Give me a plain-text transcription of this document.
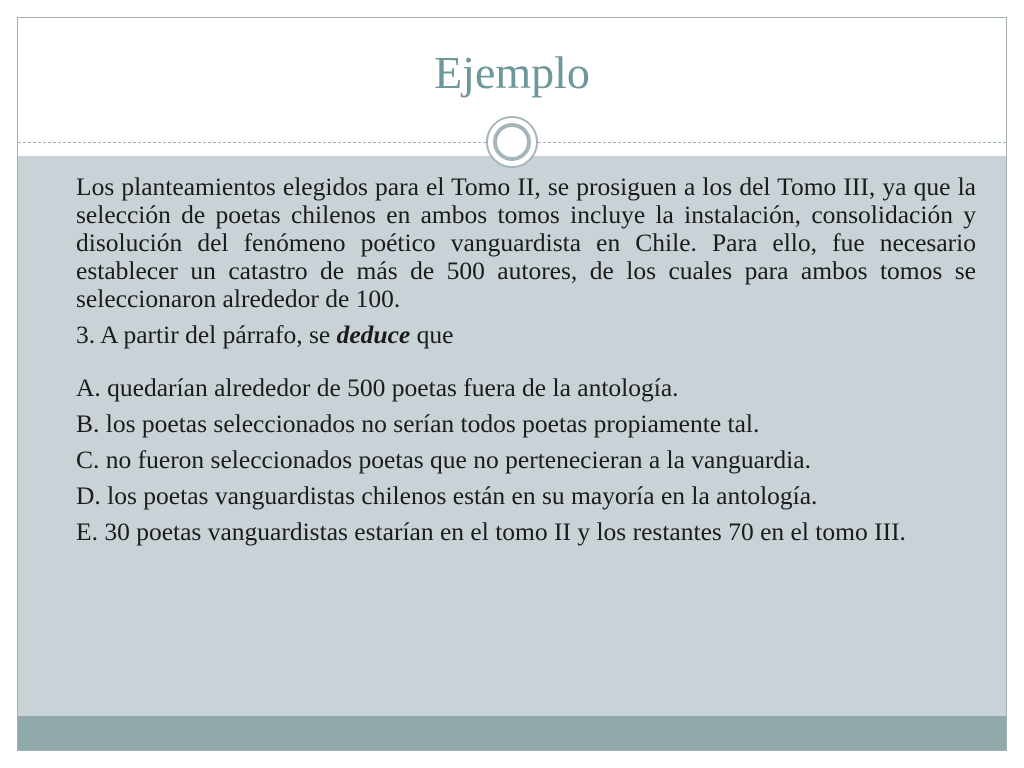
Ejemplo

Los planteamientos elegidos para el Tomo II, se prosiguen a los del Tomo III, ya que la selección de poetas chilenos en ambos tomos incluye la instalación, consolidación y disolución del fenómeno poético vanguardista en Chile. Para ello, fue necesario establecer un catastro de más de 500 autores, de los cuales para ambos tomos se seleccionaron alrededor de 100.

3. A partir del párrafo, se deduce que

A. quedarían alrededor de 500 poetas fuera de la antología.

B. los poetas seleccionados no serían todos poetas propiamente tal.

C. no fueron seleccionados poetas que no pertenecieran a la vanguardia.

D. los poetas vanguardistas chilenos están en su mayoría en la antología.

E. 30 poetas vanguardistas estarían en el tomo II y los restantes 70 en el tomo III.
